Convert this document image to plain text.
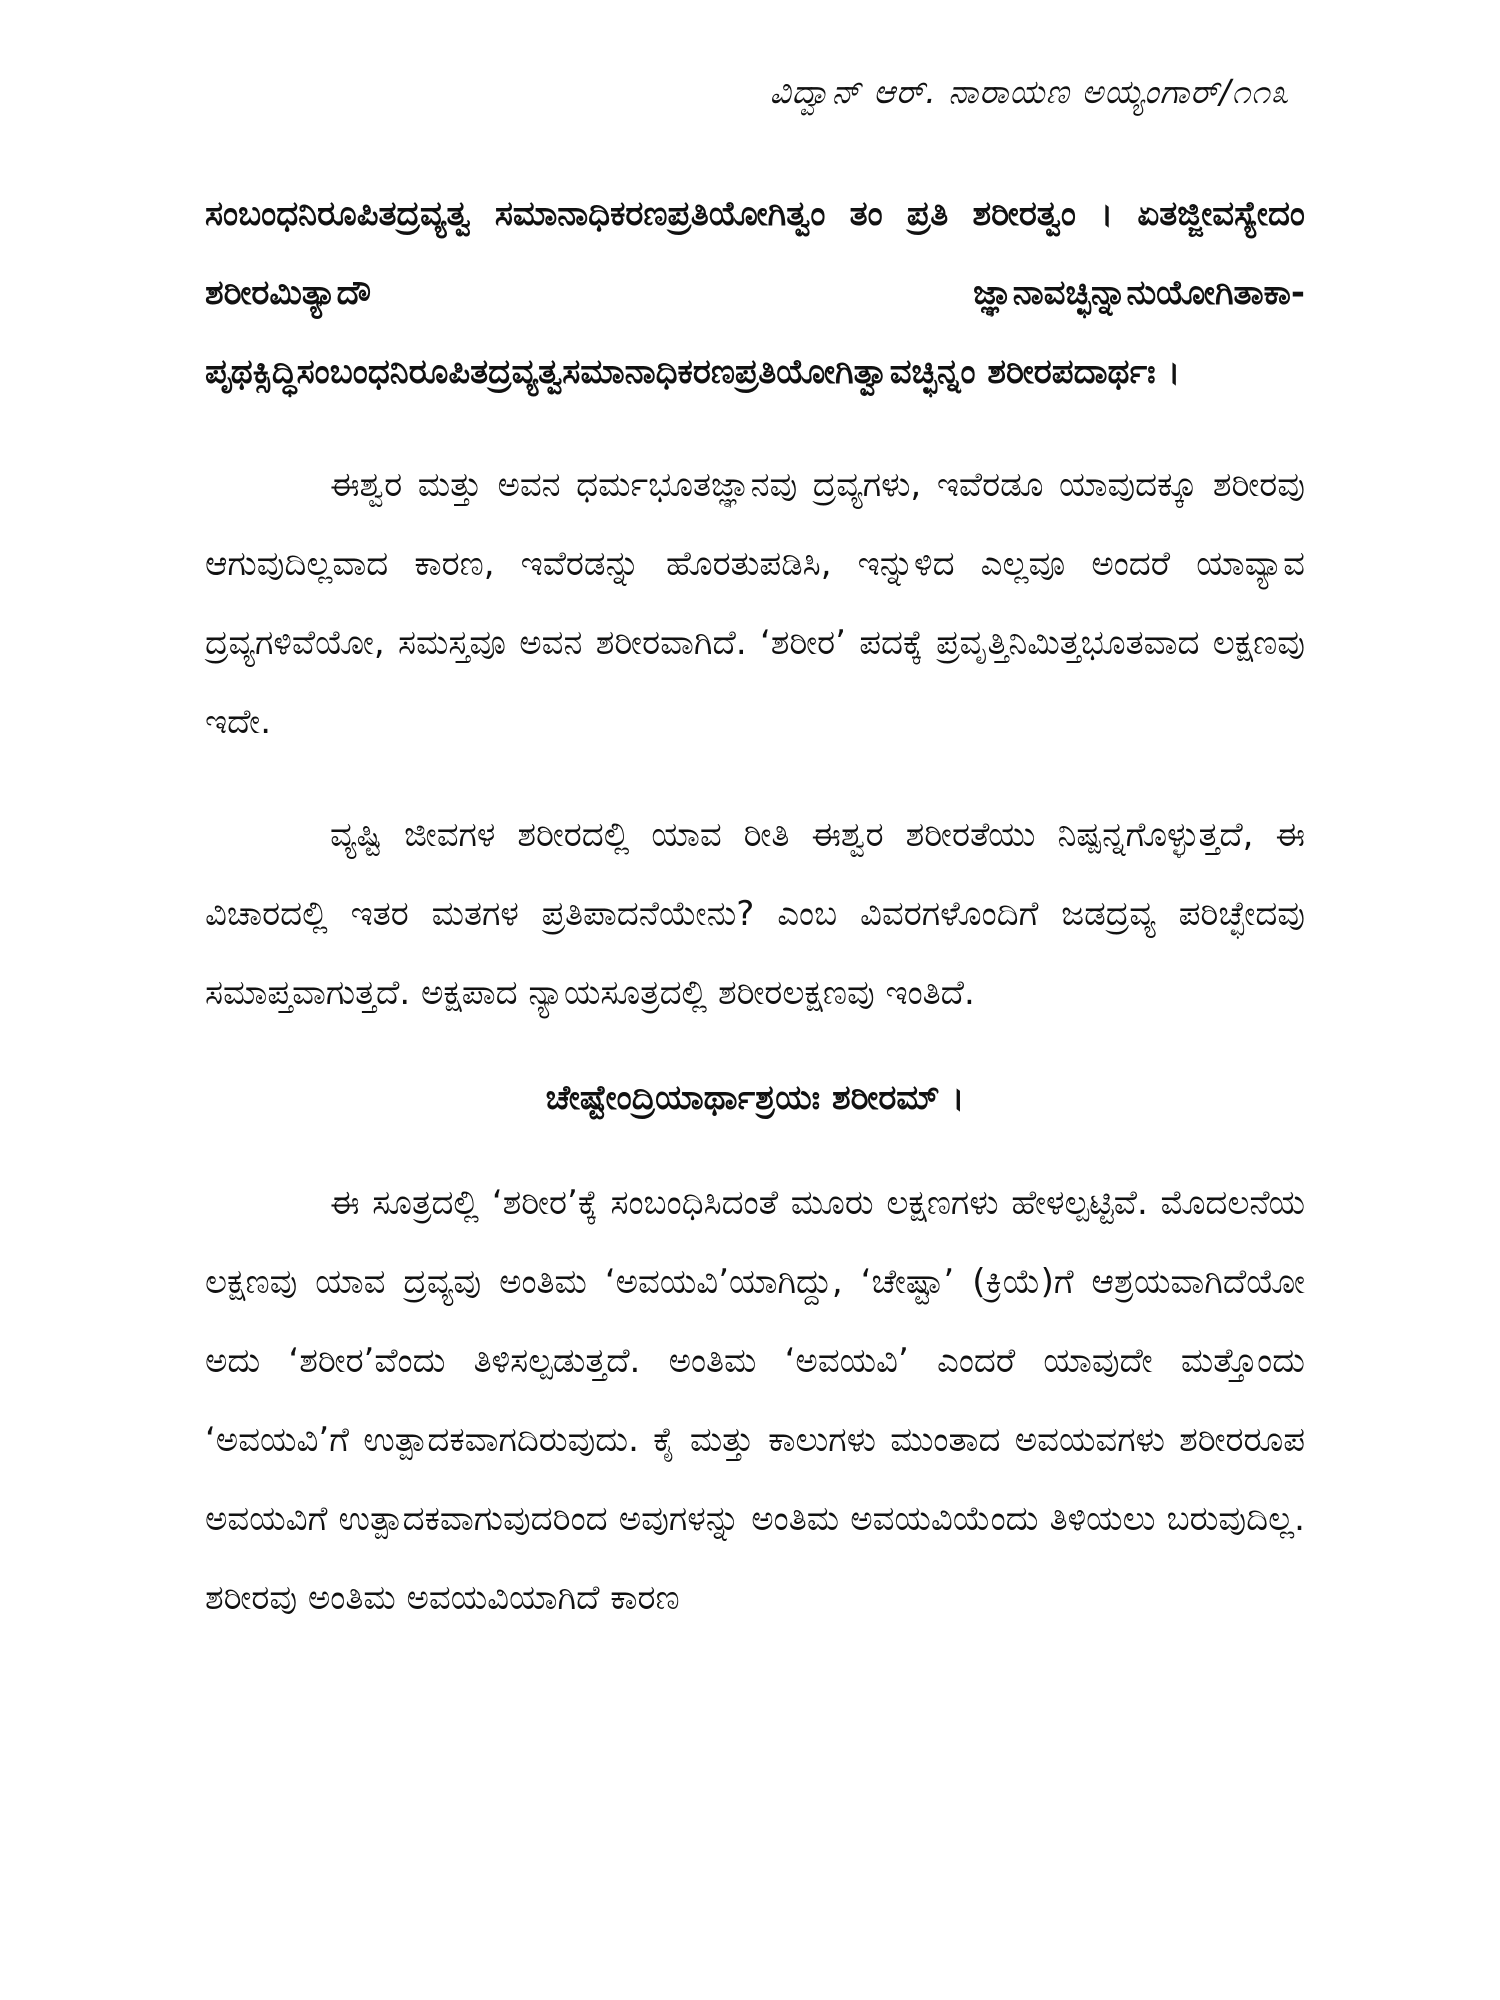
ವಿದ್ವಾನ್ ಆರ್. ನಾರಾಯಣ ಅಯ್ಯಂಗಾರ್/೧೧೩

ಸಂಬಂಧನಿರೂಪಿತದ್ರವ್ಯತ್ವ ಸಮಾನಾಧಿಕರಣಪ್ರತಿಯೋಗಿತ್ವಂ ತಂ ಪ್ರತಿ ಶರೀರತ್ವಂ । ಏತಜ್ಜೀವಸ್ಯೇದಂ ಶರೀರಮಿತ್ಯಾದೌ ಜ್ಞಾನಾವಚ್ಛಿನ್ನಾನುಯೋಗಿತಾಕಾ- ಪೃಥಕ್ಸಿದ್ಧಿಸಂಬಂಧನಿರೂಪಿತದ್ರವ್ಯತ್ವಸಮಾನಾಧಿಕರಣಪ್ರತಿಯೋಗಿತ್ವಾವಚ್ಛಿನ್ನಂ ಶರೀರಪದಾರ್ಥಃ ।

ಈಶ್ವರ ಮತ್ತು ಅವನ ಧರ್ಮಭೂತಜ್ಞಾನವು ದ್ರವ್ಯಗಳು, ಇವೆರಡೂ ಯಾವುದಕ್ಕೂ ಶರೀರವು ಆಗುವುದಿಲ್ಲವಾದ ಕಾರಣ, ಇವೆರಡನ್ನು ಹೊರತುಪಡಿಸಿ, ಇನ್ನುಳಿದ ಎಲ್ಲವೂ ಅಂದರೆ ಯಾವ್ಯಾವ ದ್ರವ್ಯಗಳಿವೆಯೋ, ಸಮಸ್ತವೂ ಅವನ ಶರೀರವಾಗಿದೆ. ‘ಶರೀರ’ ಪದಕ್ಕೆ ಪ್ರವೃತ್ತಿನಿಮಿತ್ತಭೂತವಾದ ಲಕ್ಷಣವು ಇದೇ.

ವ್ಯಷ್ಟಿ ಜೀವಗಳ ಶರೀರದಲ್ಲಿ ಯಾವ ರೀತಿ ಈಶ್ವರ ಶರೀರತೆಯು ನಿಷ್ಪನ್ನಗೊಳ್ಳುತ್ತದೆ, ಈ ವಿಚಾರದಲ್ಲಿ ಇತರ ಮತಗಳ ಪ್ರತಿಪಾದನೆಯೇನು? ಎಂಬ ವಿವರಗಳೊಂದಿಗೆ ಜಡದ್ರವ್ಯ ಪರಿಚ್ಛೇದವು ಸಮಾಪ್ತವಾಗುತ್ತದೆ. ಅಕ್ಷಪಾದ ನ್ಯಾಯಸೂತ್ರದಲ್ಲಿ ಶರೀರಲಕ್ಷಣವು ಇಂತಿದೆ.

ಚೇಷ್ಟೇಂದ್ರಿಯಾರ್ಥಾಶ್ರಯಃ ಶರೀರಮ್ ।

ಈ ಸೂತ್ರದಲ್ಲಿ ‘ಶರೀರ’ಕ್ಕೆ ಸಂಬಂಧಿಸಿದಂತೆ ಮೂರು ಲಕ್ಷಣಗಳು ಹೇಳಲ್ಪಟ್ಟಿವೆ. ಮೊದಲನೆಯ ಲಕ್ಷಣವು ಯಾವ ದ್ರವ್ಯವು ಅಂತಿಮ ‘ಅವಯವಿ’ಯಾಗಿದ್ದು, ‘ಚೇಷ್ಟಾ’ (ಕ್ರಿಯೆ)ಗೆ ಆಶ್ರಯವಾಗಿದೆಯೋ ಅದು ‘ಶರೀರ’ವೆಂದು ತಿಳಿಸಲ್ಪಡುತ್ತದೆ. ಅಂತಿಮ ‘ಅವಯವಿ’ ಎಂದರೆ ಯಾವುದೇ ಮತ್ತೊಂದು ‘ಅವಯವಿ’ಗೆ ಉತ್ಪಾದಕವಾಗದಿರುವುದು. ಕೈ ಮತ್ತು ಕಾಲುಗಳು ಮುಂತಾದ ಅವಯವಗಳು ಶರೀರರೂಪ ಅವಯವಿಗೆ ಉತ್ಪಾದಕವಾಗುವುದರಿಂದ ಅವುಗಳನ್ನು ಅಂತಿಮ ಅವಯವಿಯೆಂದು ತಿಳಿಯಲು ಬರುವುದಿಲ್ಲ. ಶರೀರವು ಅಂತಿಮ ಅವಯವಿಯಾಗಿದೆ ಕಾರಣ
